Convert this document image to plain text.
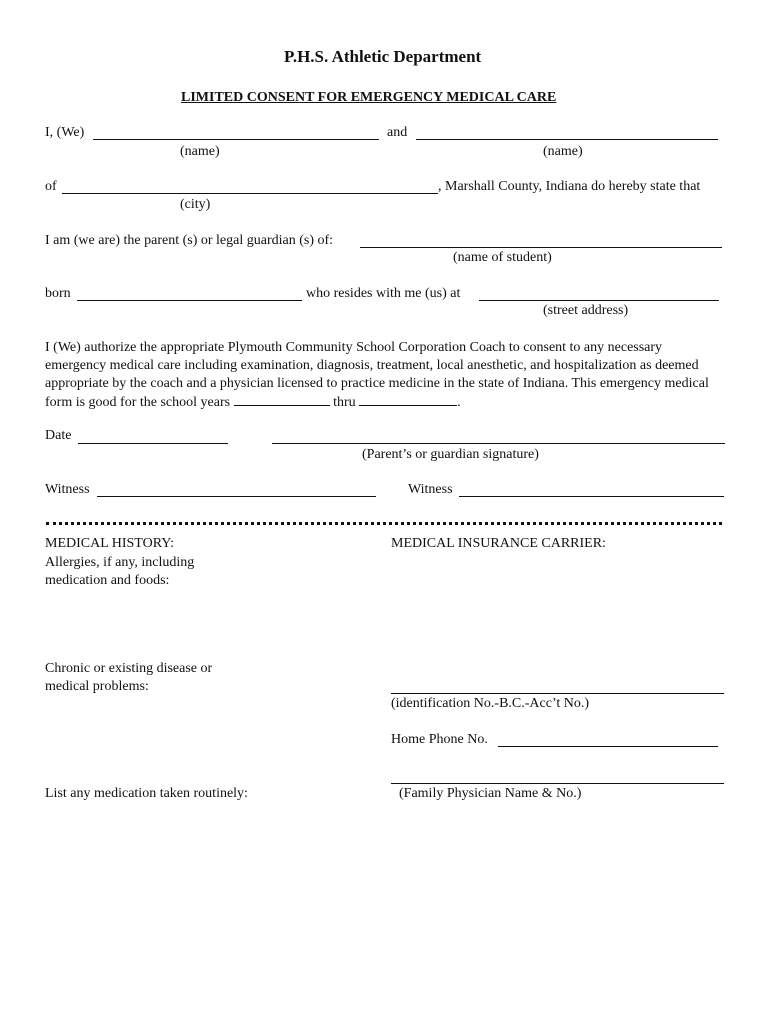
P.H.S. Athletic Department
LIMITED CONSENT FOR EMERGENCY MEDICAL CARE
I, (We)	and
(name)	(name)
of	, Marshall County, Indiana do hereby state that
(city)
I am (we are) the parent (s) or legal guardian (s) of:
(name of student)
born	who resides with me (us) at
(street address)
I (We) authorize the appropriate Plymouth Community School Corporation Coach to consent to any necessary emergency medical care including examination, diagnosis, treatment, local anesthetic, and hospitalization as deemed appropriate by the coach and a physician licensed to practice medicine in the state of Indiana. This emergency medical form is good for the school years	thru	.
Date
(Parent’s or guardian signature)
Witness	Witness
MEDICAL HISTORY:
Allergies, if any, including
medication and foods:
Chronic or existing disease or
medical problems:
List any medication taken routinely:
MEDICAL INSURANCE CARRIER:
(identification No.-B.C.-Acc’t No.)
Home Phone No.
(Family Physician Name & No.)
